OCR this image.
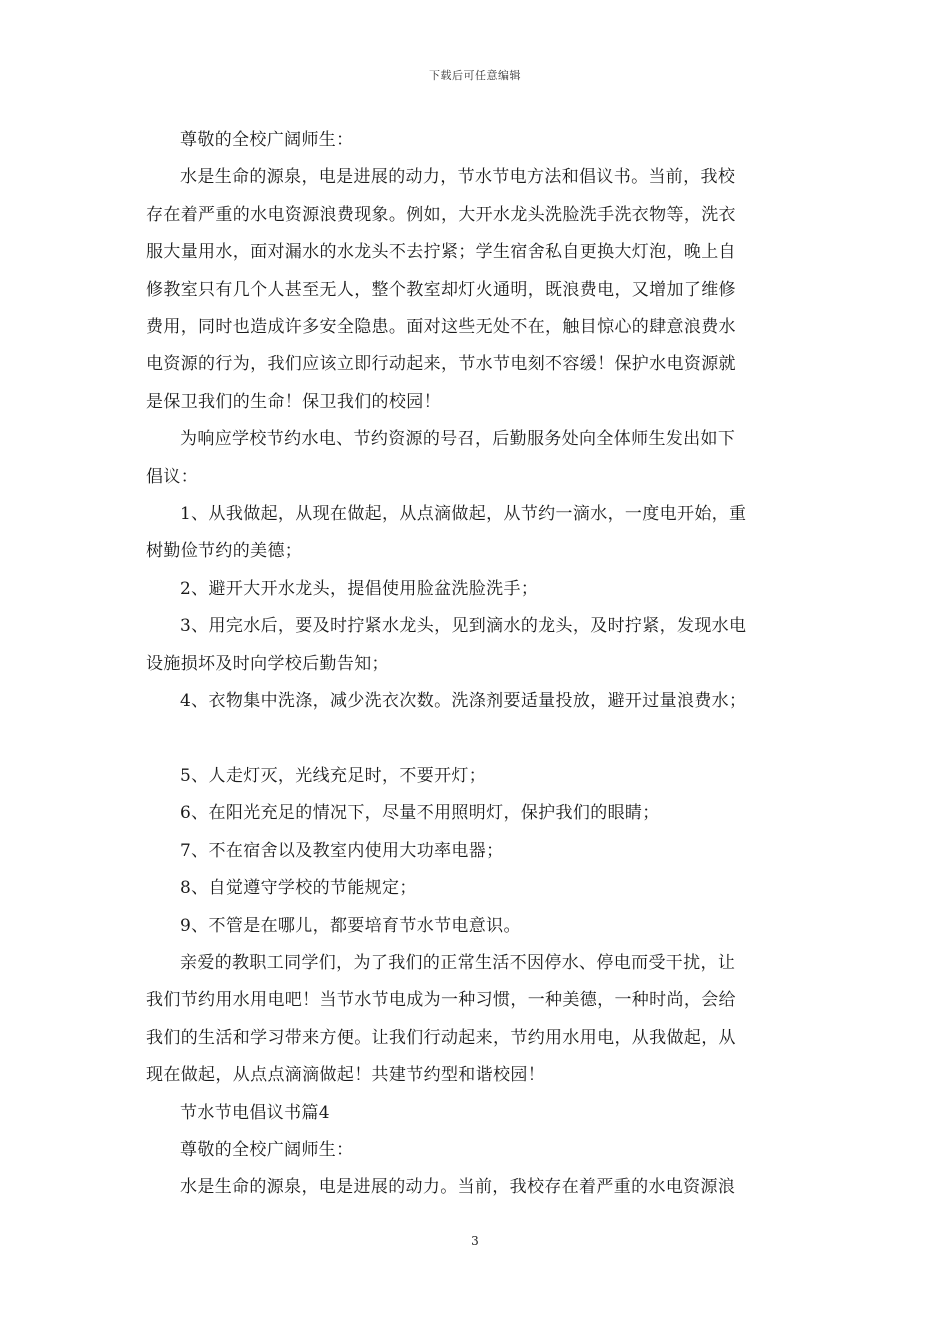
下载后可任意编辑

尊敬的全校广阔师生：

水是生命的源泉，电是进展的动力，节水节电方法和倡议书。当前，我校

存在着严重的水电资源浪费现象。例如，大开水龙头洗脸洗手洗衣物等，洗衣

服大量用水，面对漏水的水龙头不去拧紧；学生宿舍私自更换大灯泡，晚上自

修教室只有几个人甚至无人，整个教室却灯火通明，既浪费电，又增加了维修

费用，同时也造成许多安全隐患。面对这些无处不在，触目惊心的肆意浪费水

电资源的行为，我们应该立即行动起来，节水节电刻不容缓！保护水电资源就

是保卫我们的生命！保卫我们的校园！

为响应学校节约水电、节约资源的号召，后勤服务处向全体师生发出如下

倡议：

1、从我做起，从现在做起，从点滴做起，从节约一滴水，一度电开始，重

树勤俭节约的美德；

2、避开大开水龙头，提倡使用脸盆洗脸洗手；

3、用完水后，要及时拧紧水龙头，见到滴水的龙头，及时拧紧，发现水电

设施损坏及时向学校后勤告知；

4、衣物集中洗涤，减少洗衣次数。洗涤剂要适量投放，避开过量浪费水；

5、人走灯灭，光线充足时，不要开灯；

6、在阳光充足的情况下，尽量不用照明灯，保护我们的眼睛；

7、不在宿舍以及教室内使用大功率电器；

8、自觉遵守学校的节能规定；

9、不管是在哪儿，都要培育节水节电意识。

亲爱的教职工同学们，为了我们的正常生活不因停水、停电而受干扰，让

我们节约用水用电吧！当节水节电成为一种习惯，一种美德，一种时尚，会给

我们的生活和学习带来方便。让我们行动起来，节约用水用电，从我做起，从

现在做起，从点点滴滴做起！共建节约型和谐校园！

节水节电倡议书篇4

尊敬的全校广阔师生：

水是生命的源泉，电是进展的动力。当前，我校存在着严重的水电资源浪

3
